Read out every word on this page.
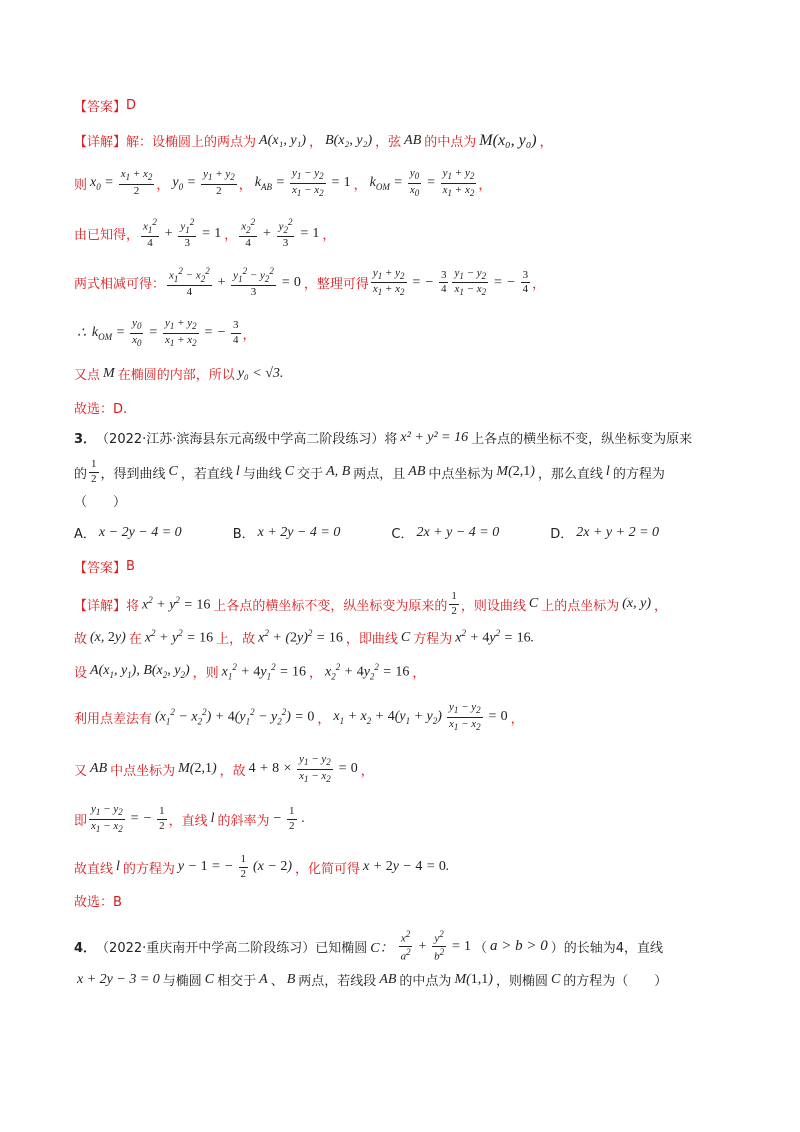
【答案】 D
【详解】 解：设椭圆上的两点为 A(x₁, y₁) ， B(x₂, y₂) ，弦 AB 的中点为 M(x₀, y₀) ，
则 $x_0 = \frac{x_1 + x_2}{2}$ ， $y_0 = \frac{y_1 + y_2}{2}$ ， $k_{AB} = \frac{y_1 - y_2}{x_1 - x_2} = 1$ ， $k_{OM} = \frac{y_0}{x_0} = \frac{y_1 + y_2}{x_1 + x_2}$ ，
由已知得， $\frac{x_1^2}{4} + \frac{y_1^2}{3} = 1$ ， $\frac{x_2^2}{4} + \frac{y_2^2}{3} = 1$ ，
两式相减可得： $\frac{x_1^2 - x_2^2}{4} + \frac{y_1^2 - y_2^2}{3} = 0$ ，整理可得 $\frac{y_1 + y_2}{x_1 + x_2}$ = − $\frac{3}{4} \frac{y_1 - y_2}{x_1 - x_2}$ = − $\frac{3}{4}$ ，
∴ $k_{OM} = \frac{y_0}{x_0} = \frac{y_1 + y_2}{x_1 + x_2}$ = − $\frac{3}{4}$ ，
又点 M 在椭圆的内部，所以 y₀ < √3.
故选：D.
3． （2022·江苏·滨海县东元高级中学高二阶段练习）将 x² + y² = 16 上各点的横坐标不变，纵坐标变为原来
的 $\frac{1}{2}$ ，得到曲线 C ，若直线 l 与曲线 C 交于 A, B 两点，且 AB 中点坐标为 M(2,1) ，那么直线 l 的方程为
（　　）
A． x − 2y − 4 = 0	B． x + 2y − 4 = 0	C． 2x + y − 4 = 0	D． 2x + y + 2 = 0
【答案】 B
【详解】 将 $x^2 + y^2 = 16$ 上各点的横坐标不变，纵坐标变为原来的 $\frac{1}{2}$ ，则设曲线 C 上的点坐标为 (x, y) ，
故 (x, 2y) 在 $x^2 + y^2 = 16$ 上，故 $x^2 + (2y)^2 = 16$ ，即曲线 C 方程为 $x^2 + 4y^2 = 16$.
设 $A(x_1$, $y_1$), $B(x_2$, $y_2$) ，则 $x_1^2 + 4y_1^2 = 16$ ， $x_2^2 + 4y_2^2 = 16$ ，
利用点差法有 $(x_1^2 - x_2^2) + 4(y_1^2 - y_2^2) = 0$ ， $x_1 + x_2 + 4(y_1 + y_2) \frac{y_1 - y_2}{x_1 - x_2} = 0$ ，
又 AB 中点坐标为 M(2,1) ，故 $4 + 8 \times \frac{y_1 - y_2}{x_1 - x_2} = 0$ ，
即 $\frac{y_1 - y_2}{x_1 - x_2}$ = − $\frac{1}{2}$ ，直线 l 的斜率为 − $\frac{1}{2}$ .
故直线 l 的方程为 y − 1 = − $\frac{1}{2} (x - 2)$ ，化简可得 x + 2y − 4 = 0.
故选：B
4． （2022·重庆南开中学高二阶段练习）已知椭圆 C： $\frac{x^2}{a^2} + \frac{y^2}{b^2} = 1$ （ a > b > 0 ）的长轴为4，直线
x + 2y − 3 = 0 与椭圆 C 相交于 A 、 B 两点，若线段 AB 的中点为 M(1,1) ，则椭圆 C 的方程为（　　）
